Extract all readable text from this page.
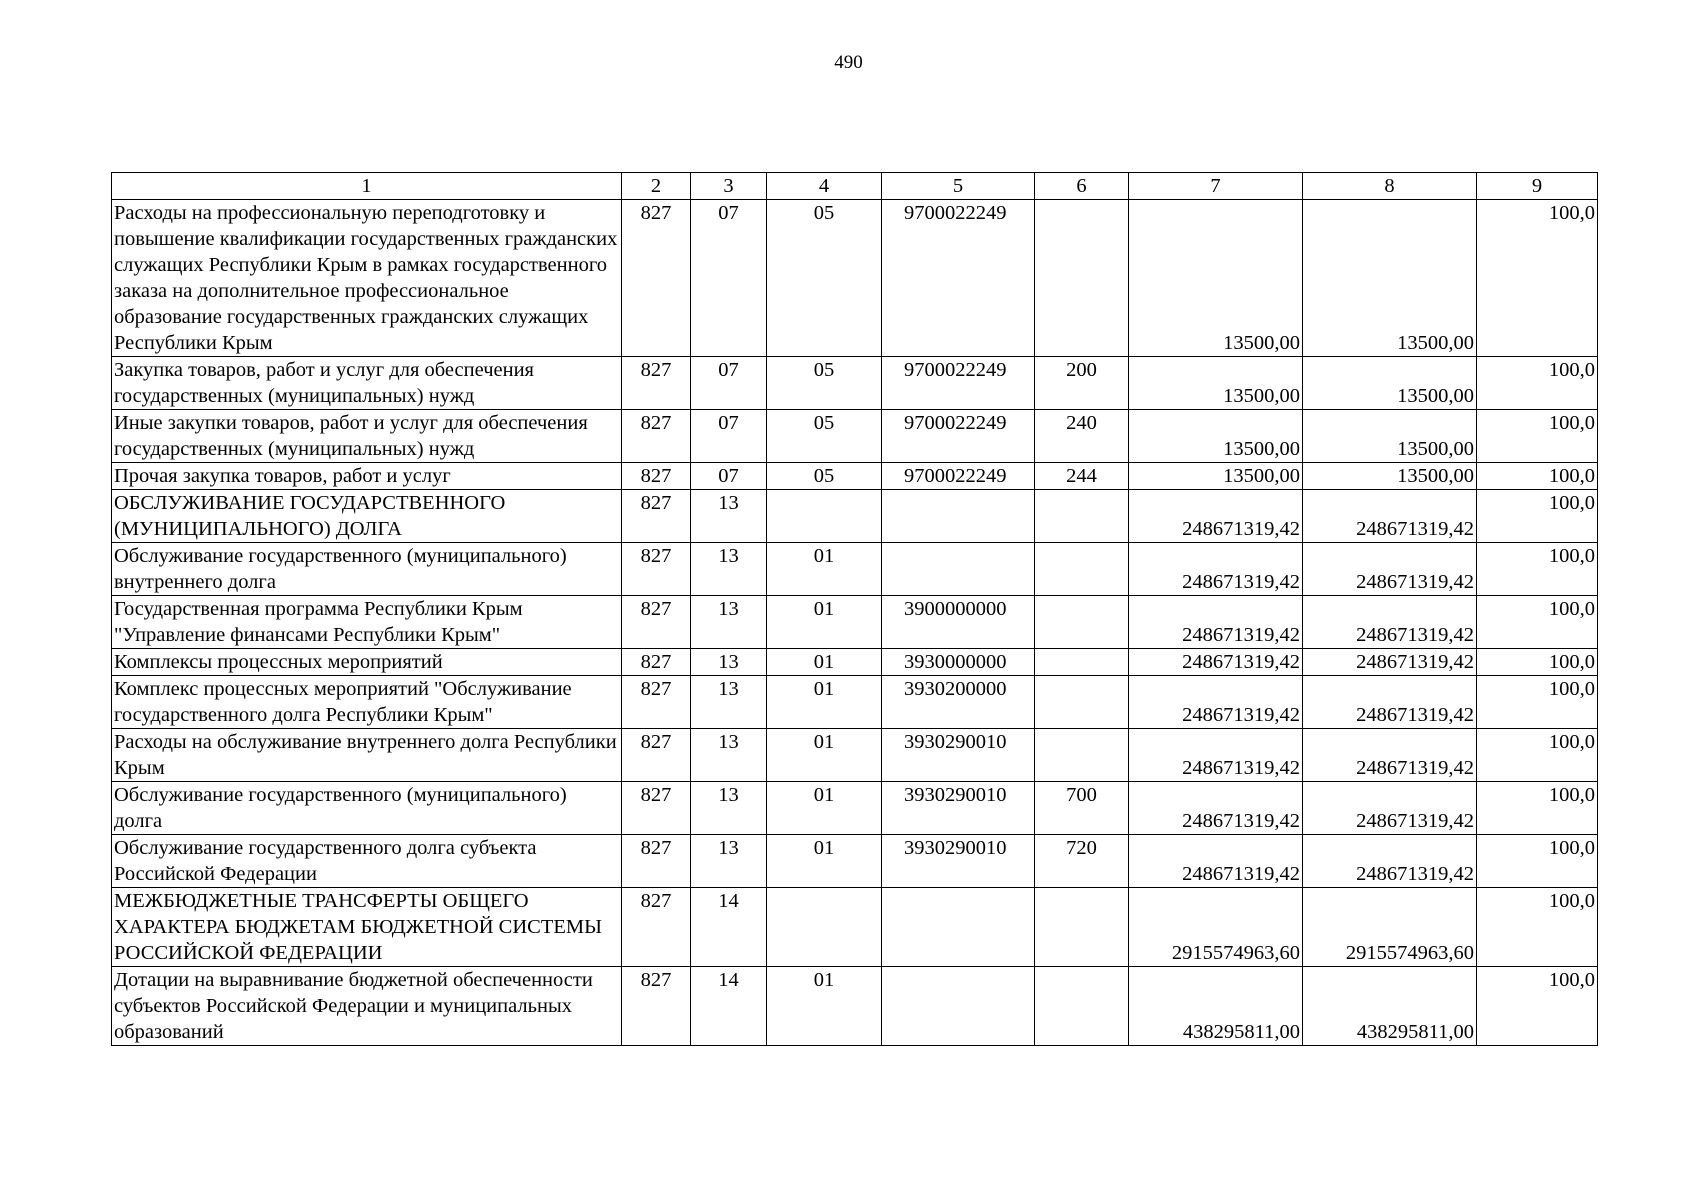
490
1	2	3	4	5	6	7	8	9
Расходы на профессиональную переподготовку и повышение квалификации государственных гражданских служащих Республики Крым в рамках государственного заказа на дополнительное профессиональное образование государственных гражданских служащих Республики Крым	827	07	05	9700022249		13500,00	13500,00	100,0
Закупка товаров, работ и услуг для обеспечения государственных (муниципальных) нужд	827	07	05	9700022249	200	13500,00	13500,00	100,0
Иные закупки товаров, работ и услуг для обеспечения государственных (муниципальных) нужд	827	07	05	9700022249	240	13500,00	13500,00	100,0
Прочая закупка товаров, работ и услуг	827	07	05	9700022249	244	13500,00	13500,00	100,0
ОБСЛУЖИВАНИЕ ГОСУДАРСТВЕННОГО (МУНИЦИПАЛЬНОГО) ДОЛГА	827	13				248671319,42	248671319,42	100,0
Обслуживание государственного (муниципального) внутреннего долга	827	13	01			248671319,42	248671319,42	100,0
Государственная программа Республики Крым "Управление финансами Республики Крым"	827	13	01	3900000000		248671319,42	248671319,42	100,0
Комплексы процессных мероприятий	827	13	01	3930000000		248671319,42	248671319,42	100,0
Комплекс процессных мероприятий "Обслуживание государственного долга Республики Крым"	827	13	01	3930200000		248671319,42	248671319,42	100,0
Расходы на обслуживание внутреннего долга Республики Крым	827	13	01	3930290010		248671319,42	248671319,42	100,0
Обслуживание государственного (муниципального) долга	827	13	01	3930290010	700	248671319,42	248671319,42	100,0
Обслуживание государственного долга субъекта Российской Федерации	827	13	01	3930290010	720	248671319,42	248671319,42	100,0
МЕЖБЮДЖЕТНЫЕ ТРАНСФЕРТЫ ОБЩЕГО ХАРАКТЕРА БЮДЖЕТАМ БЮДЖЕТНОЙ СИСТЕМЫ РОССИЙСКОЙ ФЕДЕРАЦИИ	827	14				2915574963,60	2915574963,60	100,0
Дотации на выравнивание бюджетной обеспеченности субъектов Российской Федерации и муниципальных образований	827	14	01			438295811,00	438295811,00	100,0
